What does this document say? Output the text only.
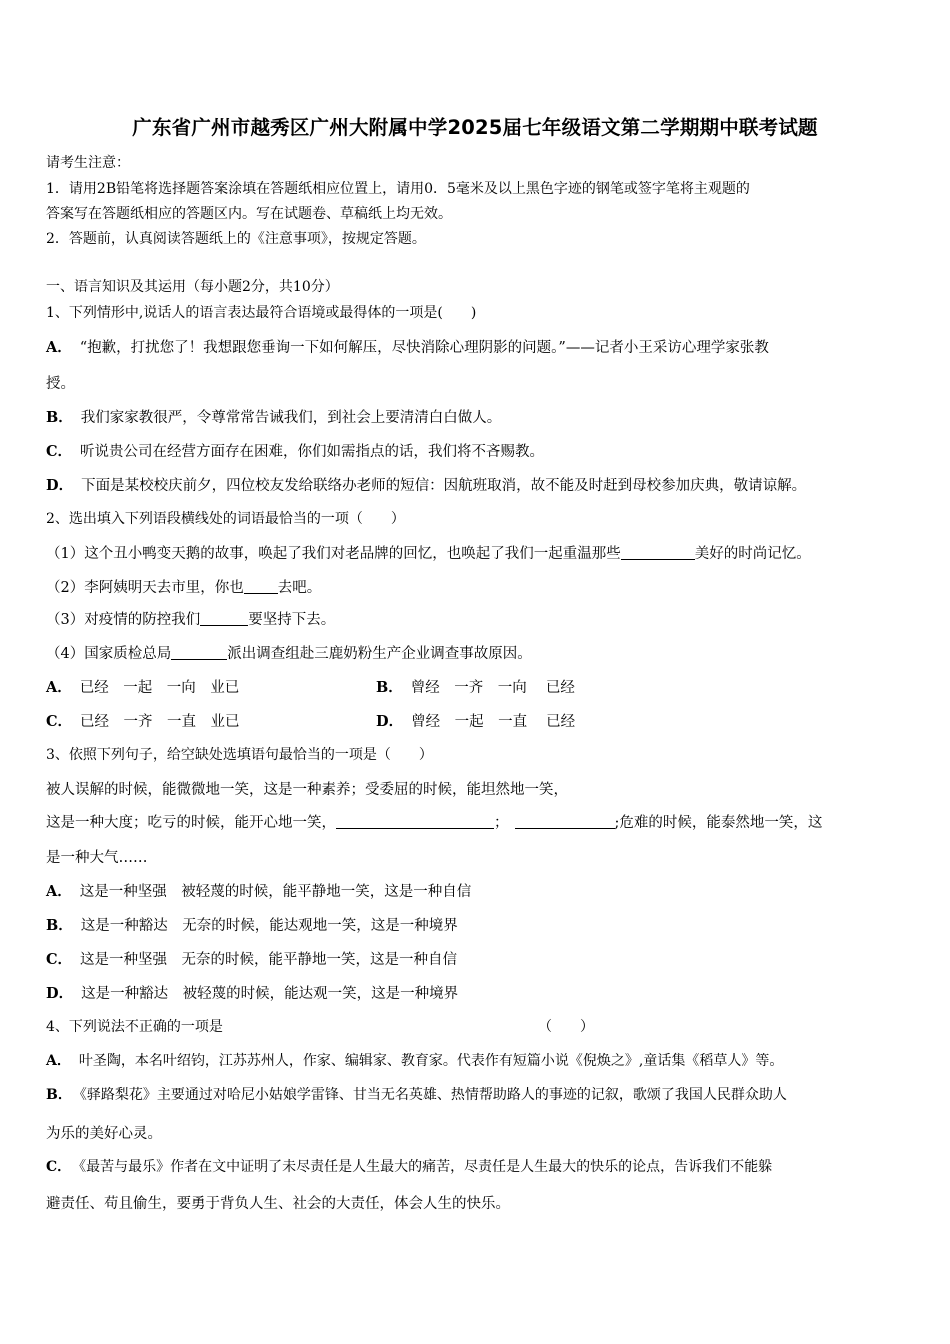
广东省广州市越秀区广州大附属中学2025届七年级语文第二学期期中联考试题
请考生注意：
1．请用2B铅笔将选择题答案涂填在答题纸相应位置上，请用0．5毫米及以上黑色字迹的钢笔或签字笔将主观题的
答案写在答题纸相应的答题区内。写在试题卷、草稿纸上均无效。
2．答题前，认真阅读答题纸上的《注意事项》，按规定答题。
一、语言知识及其运用（每小题2分，共10分）
1、下列情形中,说话人的语言表达最符合语境或最得体的一项是(　　)
A． “抱歉，打扰您了！我想跟您垂询一下如何解压，尽快消除心理阴影的问题。”——记者小王采访心理学家张教
授。
B． 我们家家教很严，令尊常常告诫我们，到社会上要清清白白做人。
C． 听说贵公司在经营方面存在困难，你们如需指点的话，我们将不吝赐教。
D． 下面是某校校庆前夕，四位校友发给联络办老师的短信：因航班取消，故不能及时赶到母校参加庆典，敬请谅解。
2、选出填入下列语段横线处的词语最恰当的一项（　　）
（1）这个丑小鸭变天鹅的故事，唤起了我们对老品牌的回忆，也唤起了我们一起重温那些	美好的时尚记忆。
（2）李阿姨明天去市里，你也 去吧。
（3）对疫情的防控我们	要坚持下去。
（4）国家质检总局	派出调查组赴三鹿奶粉生产企业调查事故原因。
A． 已经　一起　一向　业已	B． 曾经　一齐　一向　 已经
C． 已经　一齐　一直　业已	D． 曾经　一起　一直　 已经
3、依照下列句子，给空缺处选填语句最恰当的一项是（　　）
被人误解的时候，能微微地一笑，这是一种素养；受委屈的时候，能坦然地一笑，
这是一种大度；吃亏的时候，能开心地一笑，	；	;危难的时候，能泰然地一笑，这
是一种大气……
A． 这是一种坚强　被轻蔑的时候，能平静地一笑，这是一种自信
B． 这是一种豁达　无奈的时候，能达观地一笑，这是一种境界
C． 这是一种坚强　无奈的时候，能平静地一笑，这是一种自信
D． 这是一种豁达　被轻蔑的时候，能达观一笑，这是一种境界
4、下列说法不正确的一项是	（　　）
A． 叶圣陶，本名叶绍钧，江苏苏州人，作家、编辑家、教育家。代表作有短篇小说《倪焕之》,童话集《稻草人》等。
B． 《驿路梨花》主要通过对哈尼小姑娘学雷锋、甘当无名英雄、热情帮助路人的事迹的记叙，歌颂了我国人民群众助人
为乐的美好心灵。
C． 《最苦与最乐》作者在文中证明了未尽责任是人生最大的痛苦，尽责任是人生最大的快乐的论点，告诉我们不能躲
避责任、苟且偷生，要勇于背负人生、社会的大责任，体会人生的快乐。
